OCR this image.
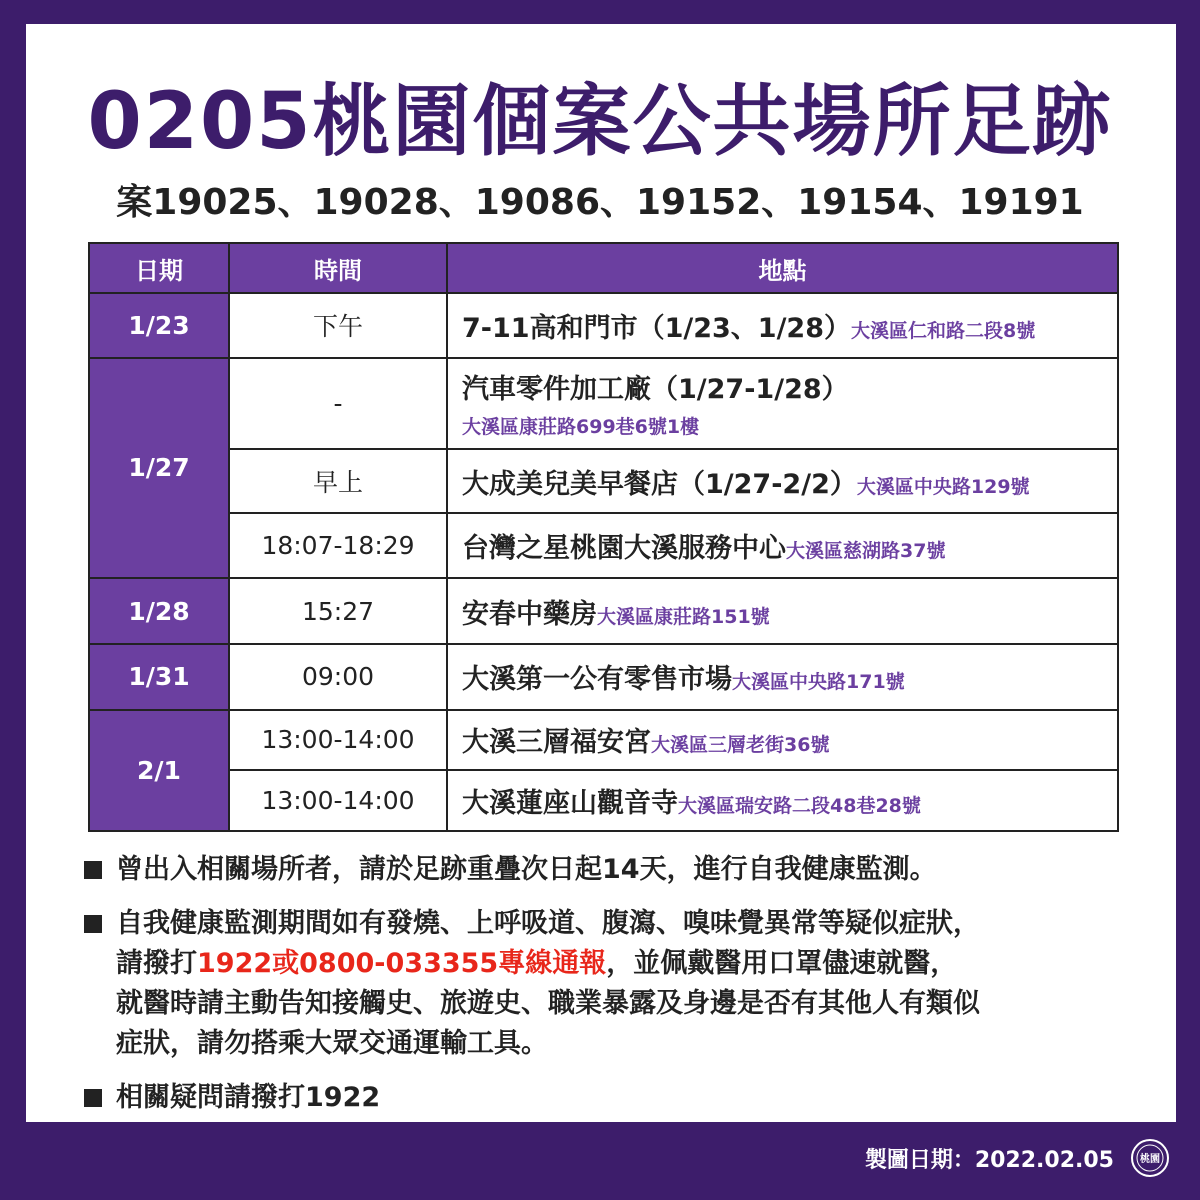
0205桃園個案公共場所足跡
案19025、19028、19086、19152、19154、19191
日期	時間	地點
1/23	下午	7-11高和門市（1/23、1/28）大溪區仁和路二段8號
1/27	-	汽車零件加工廠（1/27-1/28）
大溪區康莊路699巷6號1樓

	早上	大成美兒美早餐店（1/27-2/2）大溪區中央路129號
	18:07-18:29	台灣之星桃園大溪服務中心大溪區慈湖路37號
1/28	15:27	安春中藥房大溪區康莊路151號
1/31	09:00	大溪第一公有零售市場大溪區中央路171號
2/1	13:00-14:00	大溪三層福安宮大溪區三層老街36號
	13:00-14:00	大溪蓮座山觀音寺大溪區瑞安路二段48巷28號
曾出入相關場所者，請於足跡重疊次日起14天，進行自我健康監測。
自我健康監測期間如有發燒、上呼吸道、腹瀉、嗅味覺異常等疑似症狀，
請撥打1922或0800-033355專線通報，並佩戴醫用口罩儘速就醫，
就醫時請主動告知接觸史、旅遊史、職業暴露及身邊是否有其他人有類似
症狀，請勿搭乘大眾交通運輸工具。
相關疑問請撥打1922
製圖日期：2022.02.05	桃園
